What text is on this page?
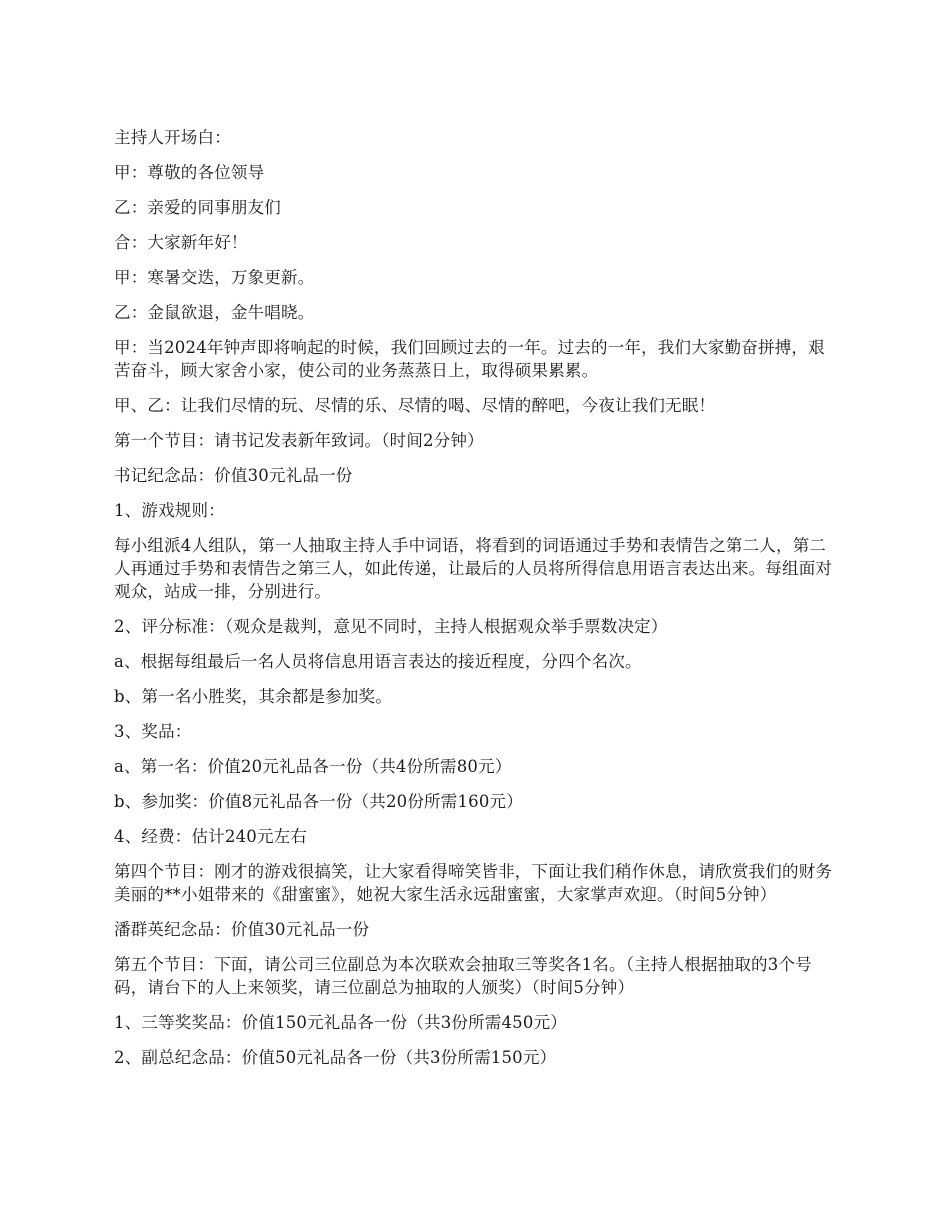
主持人开场白：

甲：尊敬的各位领导

乙：亲爱的同事朋友们

合：大家新年好！

甲：寒暑交迭，万象更新。

乙：金鼠欲退，金牛唱晓。

甲：当2024年钟声即将响起的时候，我们回顾过去的一年。过去的一年，我们大家勤奋拼搏，艰苦奋斗，顾大家舍小家，使公司的业务蒸蒸日上，取得硕果累累。

甲、乙：让我们尽情的玩、尽情的乐、尽情的喝、尽情的醉吧，今夜让我们无眠！

第一个节目：请书记发表新年致词。（时间2分钟）

书记纪念品：价值30元礼品一份

1、游戏规则：

每小组派4人组队，第一人抽取主持人手中词语，将看到的词语通过手势和表情告之第二人，第二人再通过手势和表情告之第三人，如此传递，让最后的人员将所得信息用语言表达出来。每组面对观众，站成一排，分别进行。

2、评分标准：（观众是裁判，意见不同时，主持人根据观众举手票数决定）

a、根据每组最后一名人员将信息用语言表达的接近程度，分四个名次。

b、第一名小胜奖，其余都是参加奖。

3、奖品：

a、第一名：价值20元礼品各一份（共4份所需80元）

b、参加奖：价值8元礼品各一份（共20份所需160元）

4、经费：估计240元左右

第四个节目：刚才的游戏很搞笑，让大家看得啼笑皆非，下面让我们稍作休息，请欣赏我们的财务美丽的**小姐带来的《甜蜜蜜》，她祝大家生活永远甜蜜蜜，大家掌声欢迎。（时间5分钟）

潘群英纪念品：价值30元礼品一份

第五个节目：下面，请公司三位副总为本次联欢会抽取三等奖各1名。（主持人根据抽取的3个号码，请台下的人上来领奖，请三位副总为抽取的人颁奖）（时间5分钟）

1、三等奖奖品：价值150元礼品各一份（共3份所需450元）

2、副总纪念品：价值50元礼品各一份（共3份所需150元）
